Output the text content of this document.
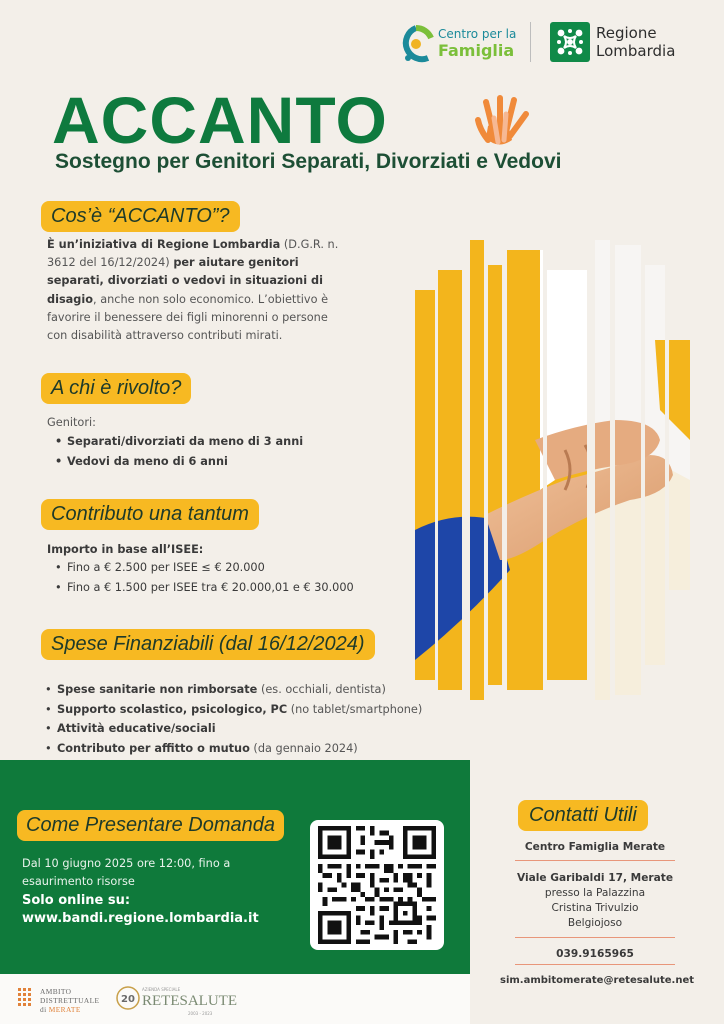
Centro per la
Famiglia
Regione
Lombardia
ACCANTO
Sostegno per Genitori Separati, Divorziati e Vedovi
Cos’è “ACCANTO”?
È un’iniziativa di Regione Lombardia (D.G.R. n. 3612 del 16/12/2024) per aiutare genitori separati, divorziati o vedovi in situazioni di disagio, anche non solo economico. L’obiettivo è favorire il benessere dei figli minorenni o persone con disabilità attraverso contributi mirati.
A chi è rivolto?
Genitori:
• Separati/divorziati da meno di 3 anni
• Vedovi da meno di 6 anni
Contributo una tantum
Importo in base all’ISEE:
• Fino a € 2.500 per ISEE ≤ € 20.000
• Fino a € 1.500 per ISEE tra € 20.000,01 e € 30.000
Spese Finanziabili (dal 16/12/2024)
• Spese sanitarie non rimborsate (es. occhiali, dentista)
• Supporto scolastico, psicologico, PC (no tablet/smartphone)
• Attività educative/sociali
• Contributo per affitto o mutuo (da gennaio 2024)
Come Presentare Domanda
Dal 10 giugno 2025 ore 12:00, fino a esaurimento risorse
Solo online su:
www.bandi.regione.lombardia.it
Contatti Utili
Centro Famiglia Merate
Viale Garibaldi 17, Merate
presso la Palazzina Cristina Trivulzio Belgiojoso
039.9165965
sim.ambitomerate@retesalute.net
AMBITO
DISTRETTUALE
di MERATE
20
AZIENDA SPECIALE
RETESALUTE
2003 - 2023
